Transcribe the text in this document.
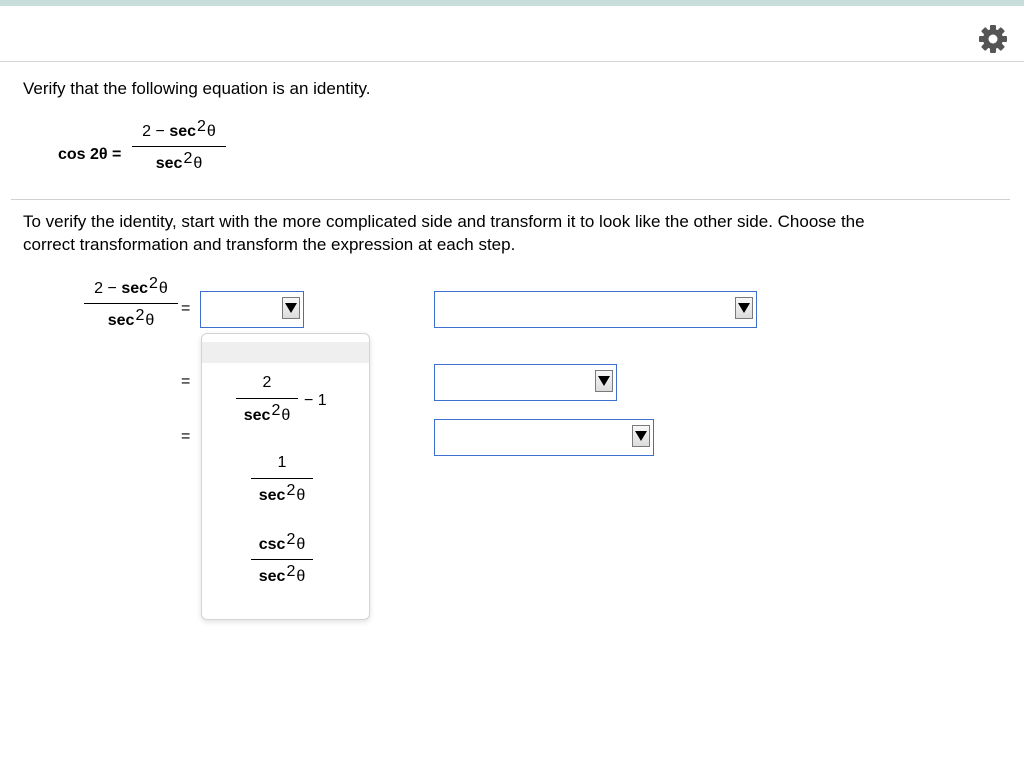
Verify that the following equation is an identity.
cos 2θ =
$2 - \sec^2\theta$
$\sec^2\theta$
To verify the identity, start with the more complicated side and transform it to look like the other side. Choose the
correct transformation and transform the expression at each step.
$2 - \sec^2\theta$
$\sec^2\theta$
=
=
=
2
$\sec^2\theta$
− 1
1
$\sec^2\theta$
$\csc^2\theta$
$\sec^2\theta$
